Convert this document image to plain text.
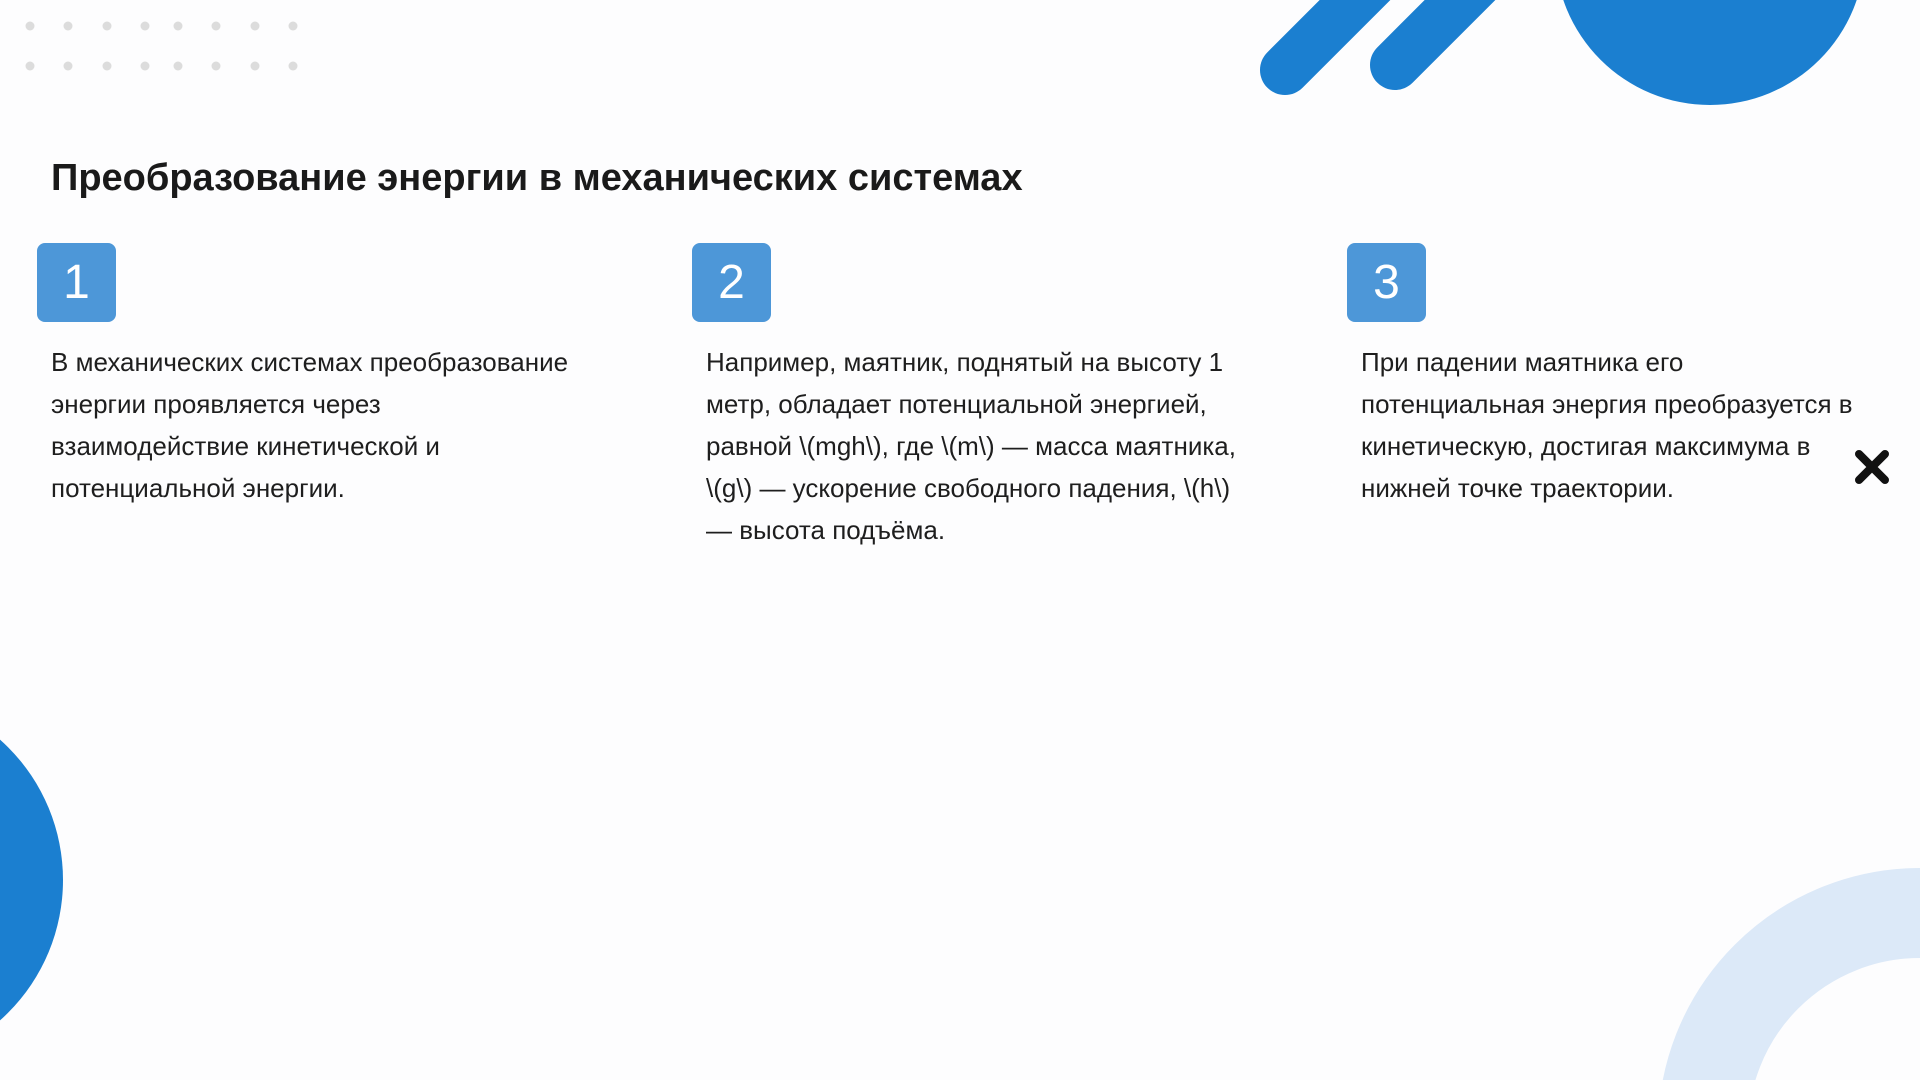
Преобразование энергии в механических системах
1
В механических системах преобразование энергии проявляется через взаимодействие кинетической и потенциальной энергии.
2
Например, маятник, поднятый на высоту 1 метр, обладает потенциальной энергией, равной \(mgh\), где \(m\) — масса маятника, \(g\) — ускорение свободного падения, \(h\) — высота подъёма.
3
При падении маятника его потенциальная энергия преобразуется в кинетическую, достигая максимума в нижней точке траектории.
